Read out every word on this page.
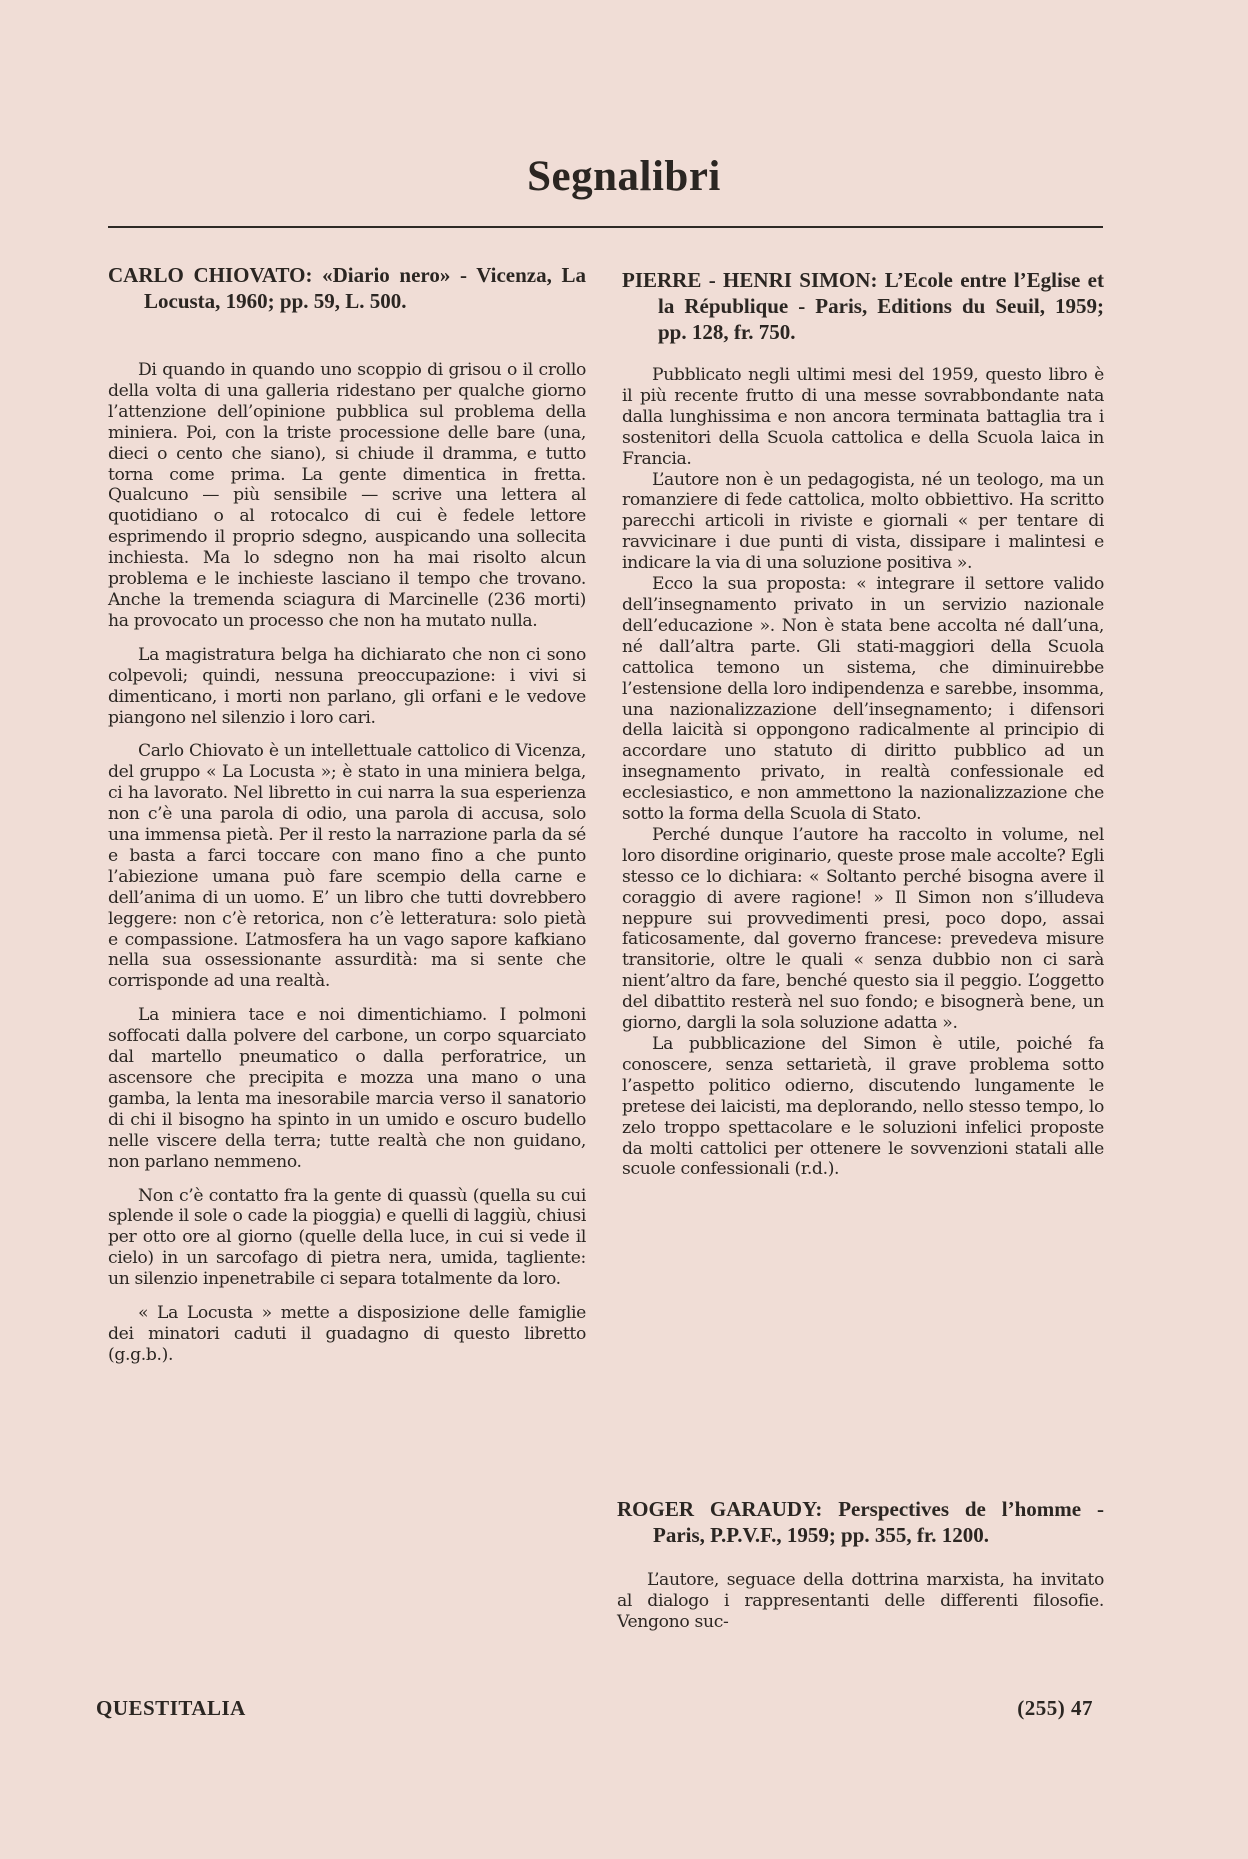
Segnalibri

CARLO CHIOVATO: «Diario nero» - Vicenza, La Locusta, 1960; pp. 59, L. 500.

Di quando in quando uno scoppio di grisou o il crollo della volta di una galleria ridestano per qualche giorno l’attenzione dell’opinione pubblica sul problema della miniera. Poi, con la triste processione delle bare (una, dieci o cento che siano), si chiude il dramma, e tutto torna come prima. La gente dimentica in fretta. Qualcuno — più sensibile — scrive una lettera al quotidiano o al rotocalco di cui è fedele lettore esprimendo il proprio sdegno, auspicando una sollecita inchiesta. Ma lo sdegno non ha mai risolto alcun problema e le inchieste lasciano il tempo che trovano. Anche la tremenda sciagura di Marcinelle (236 morti) ha provocato un processo che non ha mutato nulla.

La magistratura belga ha dichiarato che non ci sono colpevoli; quindi, nessuna preoccupazione: i vivi si dimenticano, i morti non parlano, gli orfani e le vedove piangono nel silenzio i loro cari.

Carlo Chiovato è un intellettuale cattolico di Vicenza, del gruppo « La Locusta »; è stato in una miniera belga, ci ha lavorato. Nel libretto in cui narra la sua esperienza non c’è una parola di odio, una parola di accusa, solo una immensa pietà. Per il resto la narrazione parla da sé e basta a farci toccare con mano fino a che punto l’abiezione umana può fare scempio della carne e dell’anima di un uomo. E’ un libro che tutti dovrebbero leggere: non c’è retorica, non c’è letteratura: solo pietà e compassione. L’atmosfera ha un vago sapore kafkiano nella sua ossessionante assurdità: ma si sente che corrisponde ad una realtà.

La miniera tace e noi dimentichiamo. I polmoni soffocati dalla polvere del carbone, un corpo squarciato dal martello pneumatico o dalla perforatrice, un ascensore che precipita e mozza una mano o una gamba, la lenta ma inesorabile marcia verso il sanatorio di chi il bisogno ha spinto in un umido e oscuro budello nelle viscere della terra; tutte realtà che non guidano, non parlano nemmeno.

Non c’è contatto fra la gente di quassù (quella su cui splende il sole o cade la pioggia) e quelli di laggiù, chiusi per otto ore al giorno (quelle della luce, in cui si vede il cielo) in un sarcofago di pietra nera, umida, tagliente: un silenzio inpenetrabile ci separa totalmente da loro.

« La Locusta » mette a disposizione delle famiglie dei minatori caduti il guadagno di questo libretto (g.g.b.).

PIERRE - HENRI SIMON: L’Ecole entre l’Eglise et la République - Paris, Editions du Seuil, 1959; pp. 128, fr. 750.

Pubblicato negli ultimi mesi del 1959, questo libro è il più recente frutto di una messe sovrabbondante nata dalla lunghissima e non ancora terminata battaglia tra i sostenitori della Scuola cattolica e della Scuola laica in Francia.

L’autore non è un pedagogista, né un teologo, ma un romanziere di fede cattolica, molto obbiettivo. Ha scritto parecchi articoli in riviste e giornali « per tentare di ravvicinare i due punti di vista, dissipare i malintesi e indicare la via di una soluzione positiva ».

Ecco la sua proposta: « integrare il settore valido dell’insegnamento privato in un servizio nazionale dell’educazione ». Non è stata bene accolta né dall’una, né dall’altra parte. Gli stati-maggiori della Scuola cattolica temono un sistema, che diminuirebbe l’estensione della loro indipendenza e sarebbe, insomma, una nazionalizzazione dell’insegnamento; i difensori della laicità si oppongono radicalmente al principio di accordare uno statuto di diritto pubblico ad un insegnamento privato, in realtà confessionale ed ecclesiastico, e non ammettono la nazionalizzazione che sotto la forma della Scuola di Stato.

Perché dunque l’autore ha raccolto in volume, nel loro disordine originario, queste prose male accolte? Egli stesso ce lo dichiara: « Soltanto perché bisogna avere il coraggio di avere ragione! » Il Simon non s’illudeva neppure sui provvedimenti presi, poco dopo, assai faticosamente, dal governo francese: prevedeva misure transitorie, oltre le quali « senza dubbio non ci sarà nient’altro da fare, benché questo sia il peggio. L’oggetto del dibattito resterà nel suo fondo; e bisognerà bene, un giorno, dargli la sola soluzione adatta ».

La pubblicazione del Simon è utile, poiché fa conoscere, senza settarietà, il grave problema sotto l’aspetto politico odierno, discutendo lungamente le pretese dei laicisti, ma deplorando, nello stesso tempo, lo zelo troppo spettacolare e le soluzioni infelici proposte da molti cattolici per ottenere le sovvenzioni statali alle scuole confessionali (r.d.).

ROGER GARAUDY: Perspectives de l’homme - Paris, P.P.V.F., 1959; pp. 355, fr. 1200.

L’autore, seguace della dottrina marxista, ha invitato al dialogo i rappresentanti delle differenti filosofie. Vengono suc-

QUESTITALIA	(255) 47
